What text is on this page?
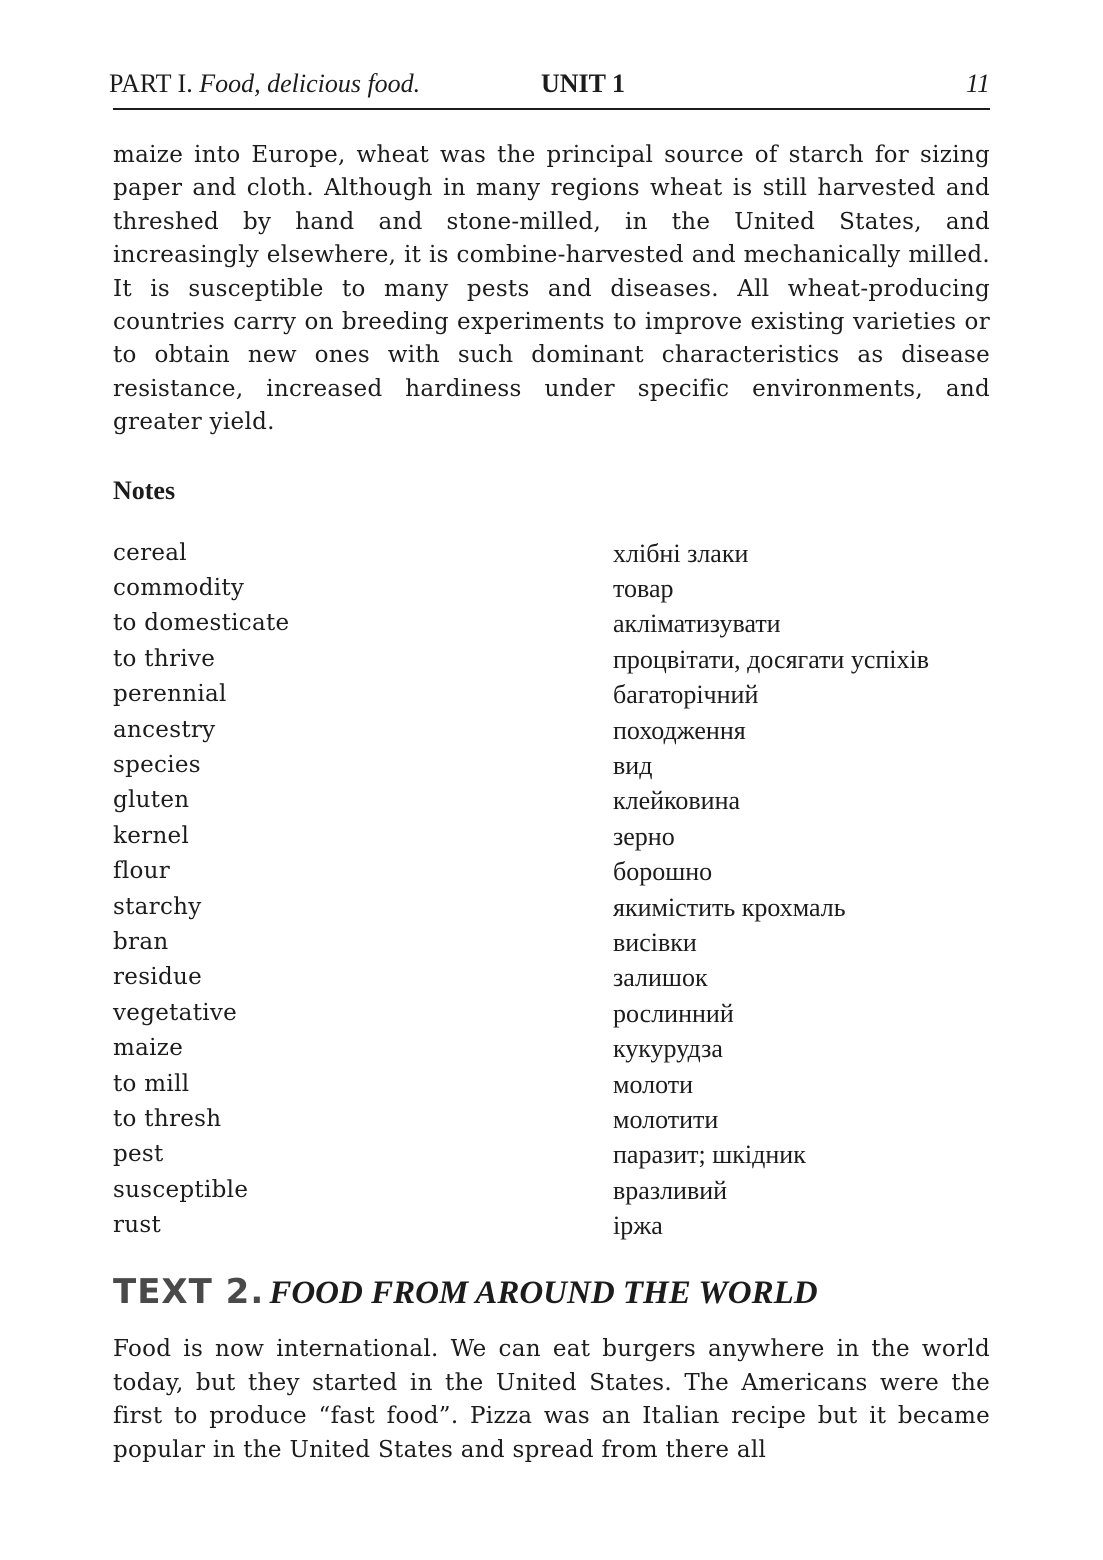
PART I. Food, delicious food.	UNIT 1	11

maize into Europe, wheat was the principal source of starch for sizing paper and cloth. Although in many regions wheat is still harvested and threshed by hand and stone-milled, in the United States, and increasingly elsewhere, it is combine-harvested and mechanically milled. It is susceptible to many pests and diseases. All wheat-producing countries carry on breeding experiments to improve existing varieties or to obtain new ones with such dominant characteristics as disease resistance, increased hardiness under specific environments, and greater yield.

Notes
cereal	хлібні злаки
commodity	товар
to domesticate	акліматизувати
to thrive	процвітати, досягати успіхів
perennial	багаторічний
ancestry	походження
species	вид
gluten	клейковина
kernel	зерно
flour	борошно
starchy	якимістить крохмаль
bran	висівки
residue	залишок
vegetative	рослинний
maize	кукурудза
to mill	молоти
to thresh	молотити
pest	паразит; шкідник
susceptible	вразливий
rust	іржа
TEXT 2. FOOD FROM AROUND THE WORLD

Food is now international. We can eat burgers anywhere in the world today, but they started in the United States. The Americans were the first to produce “fast food”. Pizza was an Italian recipe but it became popular in the United States and spread from there all
